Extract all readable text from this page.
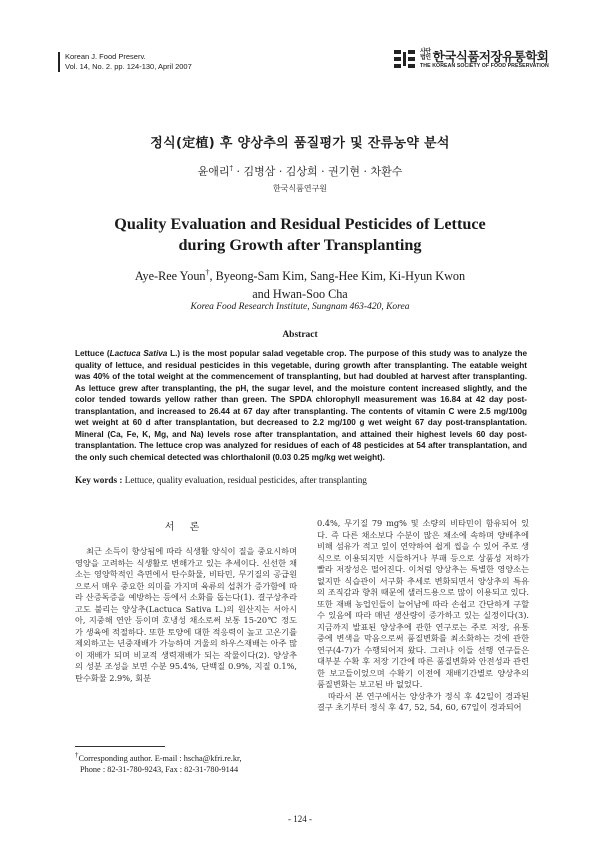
Korean J. Food Preserv.
Vol. 14, No. 2. pp. 124-130, April 2007
사단
법인 한국식품저장유통학회
THE KOREAN SOCIETY OF FOOD PRESERVATION
정식(定植) 후 양상추의 품질평가 및 잔류농약 분석
윤애리† · 김병삼 · 김상희 · 권기현 · 차환수
한국식품연구원
Quality Evaluation and Residual Pesticides of Lettuce
during Growth after Transplanting
Aye-Ree Youn†, Byeong-Sam Kim, Sang-Hee Kim, Ki-Hyun Kwon
and Hwan-Soo Cha
Korea Food Research Institute, Sungnam 463-420, Korea
Abstract
Lettuce (Lactuca Sativa L.) is the most popular salad vegetable crop. The purpose of this study was to analyze the quality of lettuce, and residual pesticides in this vegetable, during growth after transplanting. The eatable weight was 40% of the total weight at the commencement of transplanting, but had doubled at harvest after transplanting. As lettuce grew after transplanting, the pH, the sugar level, and the moisture content increased slightly, and the color tended towards yellow rather than green. The SPDA chlorophyll measurement was 16.84 at 42 day post-transplantation, and increased to 26.44 at 67 day after transplanting. The contents of vitamin C were 2.5 mg/100g wet weight at 60 d after transplantation, but decreased to 2.2 mg/100 g wet weight 67 day post-transplantation. Mineral (Ca, Fe, K, Mg, and Na) levels rose after transplantation, and attained their highest levels 60 day post-transplantation. The lettuce crop was analyzed for residues of each of 48 pesticides at 54 after transplantation, and the only such chemical detected was chlorthalonil (0.03 0.25 mg/kg wet weight).
Key words : Lettuce, quality evaluation, residual pesticides, after transplanting
서 론

최근 소득이 향상됨에 따라 식생활 양식이 질을 중요시하며 영양을 고려하는 식생활로 변해가고 있는 추세이다. 신선한 채소는 영양학적인 측면에서 탄수화물, 비타민, 무기질의 공급원으로서 매우 중요한 의미를 가지며 육류의 섭취가 증가함에 따라 산증독증을 예방하는 등에서 소화를 돕는다(1). 결구상추라고도 불리는 양상추(Lactuca Sativa L.)의 원산지는 서아시아, 지중해 연안 등이며 호냉성 채소로써 보통 15-20℃ 정도가 생육에 적절하다. 또한 토양에 대한 적응력이 높고 고온기를 제외하고는 년중재배가 가능하며 겨울의 하우스재배는 아주 많이 재배가 되며 비교적 생력재배가 되는 작물이다(2). 양상추의 성분 조성을 보면 수분 95.4%, 단백질 0.9%, 지질 0.1%, 탄수화물 2.9%, 회분

0.4%, 무기질 79 mg% 및 소량의 비타민이 함유되어 있다. 즉 다른 채소보다 수분이 많은 채소에 속하며 양배추에 비해 섬유가 적고 잎이 연약하여 쉽게 씹을 수 있어 주로 생식으로 이용되지만 시들하거나 부패 등으로 상품성 저하가 빨라 저장성은 떨어진다. 이처럼 양상추는 특별한 영양소는 없지만 식습관이 서구화 추세로 변화되면서 양상추의 특유의 조직감과 향취 때문에 샐러드용으로 많이 이용되고 있다. 또한 재배 농업인들이 늘어남에 따라 손쉽고 간단하게 구할 수 있음에 따라 매년 생산량이 증가하고 있는 실정이다(3). 지금까지 발표된 양상추에 관한 연구로는 주로 저장, 유통 중에 변색을 막음으로써 품질변화를 최소화하는 것에 관한 연구(4-7)가 수행되어져 왔다. 그러나 이들 선행 연구들은 대부분 수확 후 저장 기간에 따른 품질변화와 안전성과 관련한 보고들이었으며 수확기 이전에 재배기간별로 양상추의 품질변화는 보고된 바 없었다.

따라서 본 연구에서는 양상추가 정식 후 42일이 경과된 결구 초기부터 정식 후 47, 52, 54, 60, 67일이 경과되어

†Corresponding author. E-mail : hscha@kfri.re.kr,
Phone : 82-31-780-9243, Fax : 82-31-780-9144
- 124 -
